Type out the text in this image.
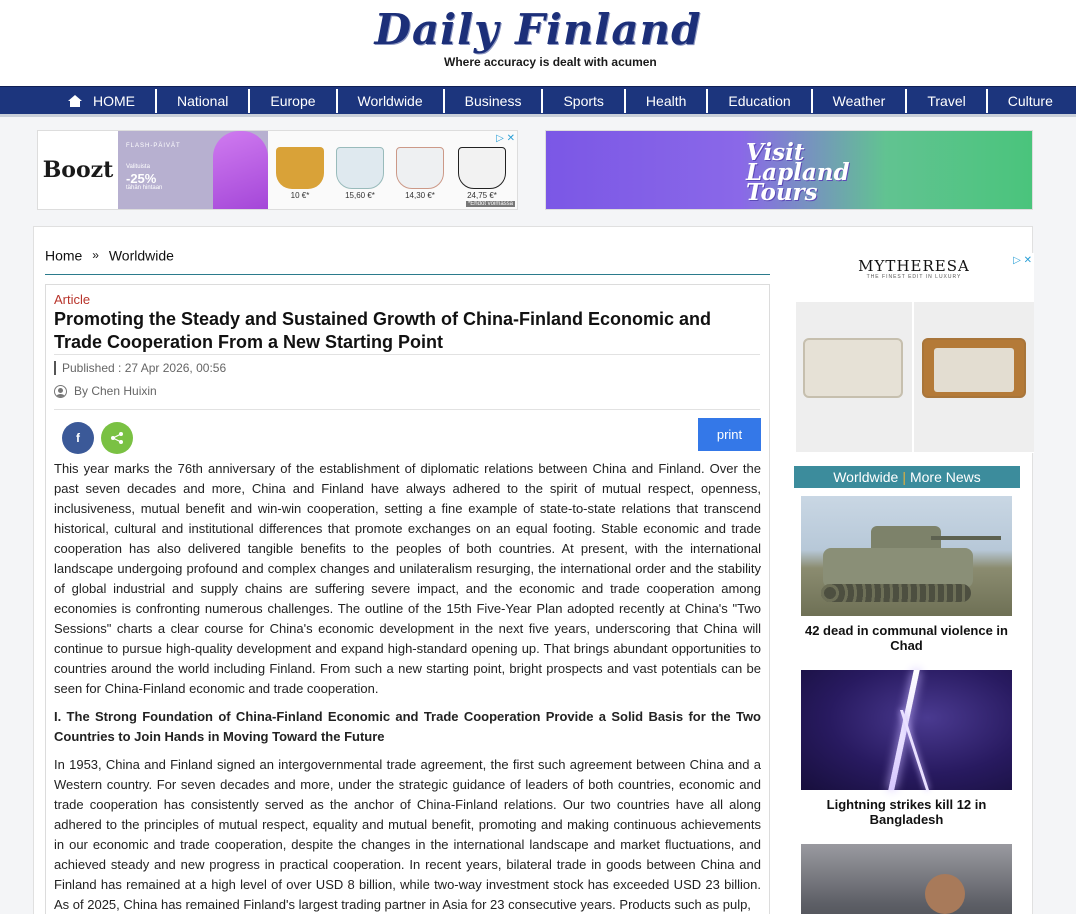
Daily Finland
Where accuracy is dealt with acumen
HOME	National	Europe	Worldwide	Business	Sports	Health	Education	Weather	Travel	Culture
Boozt
FLASH-PÄIVÄT
Valituista
-25%
tähän hintaan
10 €*	15,60 €*	14,30 €*	24,75 €*
▷ ✕
*Ehdot voimassa
Visit Lapland Tours
Home » Worldwide
Article
Promoting the Steady and Sustained Growth of China-Finland Economic and Trade Cooperation From a New Starting Point
Published : 27 Apr 2026, 00:56
By Chen Huixin
f	print
This year marks the 76th anniversary of the establishment of diplomatic relations between China and Finland. Over the past seven decades and more, China and Finland have always adhered to the spirit of mutual respect, openness, inclusiveness, mutual benefit and win-win cooperation, setting a fine example of state-to-state relations that transcend historical, cultural and institutional differences that promote exchanges on an equal footing. Stable economic and trade cooperation has also delivered tangible benefits to the peoples of both countries. At present, with the international landscape undergoing profound and complex changes and unilateralism resurging, the international order and the stability of global industrial and supply chains are suffering severe impact, and the economic and trade cooperation among economies is confronting numerous challenges. The outline of the 15th Five-Year Plan adopted recently at China's "Two Sessions" charts a clear course for China's economic development in the next five years, underscoring that China will continue to pursue high-quality development and expand high-standard opening up. That brings abundant opportunities to countries around the world including Finland. From such a new starting point, bright prospects and vast potentials can be seen for China-Finland economic and trade cooperation.
I. The Strong Foundation of China-Finland Economic and Trade Cooperation Provide a Solid Basis for the Two Countries to Join Hands in Moving Toward the Future
In 1953, China and Finland signed an intergovernmental trade agreement, the first such agreement between China and a Western country. For seven decades and more, under the strategic guidance of leaders of both countries, economic and trade cooperation has consistently served as the anchor of China-Finland relations. Our two countries have all along adhered to the principles of mutual respect, equality and mutual benefit, promoting and making continuous achievements in our economic and trade cooperation, despite the changes in the international landscape and market fluctuations, and achieved steady and new progress in practical cooperation. In recent years, bilateral trade in goods between China and Finland has remained at a high level of over USD 8 billion, while two-way investment stock has exceeded USD 23 billion. As of 2025, China has remained Finland's largest trading partner in Asia for 23 consecutive years. Products such as pulp,
MYTHERESA
THE FINEST EDIT IN LUXURY
▷ ✕
Worldwide | More News
42 dead in communal violence in Chad
Lightning strikes kill 12 in Bangladesh
